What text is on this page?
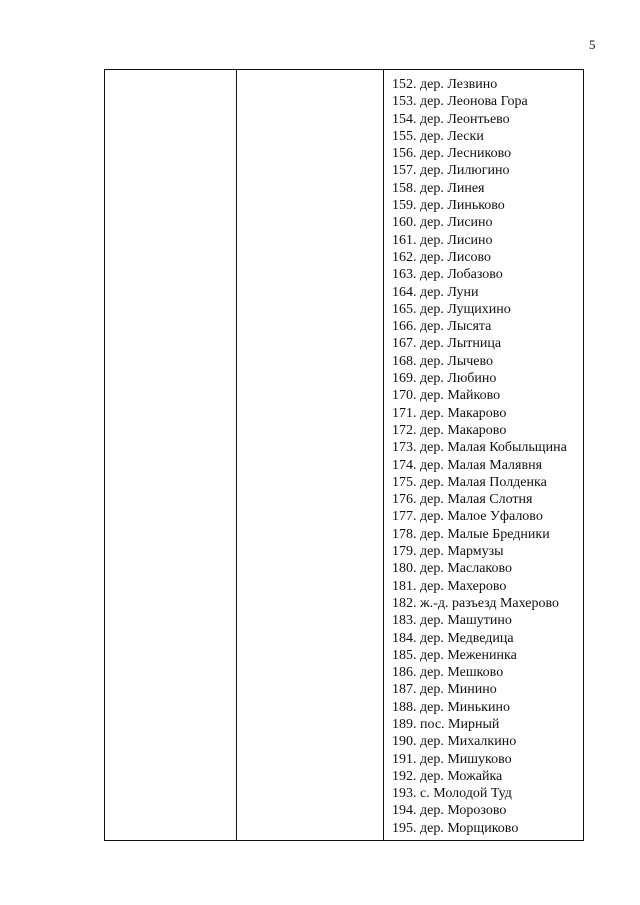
5
152. дер. Лезвино
153. дер. Леонова Гора
154. дер. Леонтьево
155. дер. Лески
156. дер. Лесниково
157. дер. Лилюгино
158. дер. Линея
159. дер. Линьково
160. дер. Лисино
161. дер. Лисино
162. дер. Лисово
163. дер. Лобазово
164. дер. Луни
165. дер. Лущихино
166. дер. Лысята
167. дер. Лытница
168. дер. Лычево
169. дер. Любино
170. дер. Майково
171. дер. Макарово
172. дер. Макарово
173. дер. Малая Кобыльщина
174. дер. Малая Малявня
175. дер. Малая Полденка
176. дер. Малая Слотня
177. дер. Малое Уфалово
178. дер. Малые Бредники
179. дер. Мармузы
180. дер. Маслаково
181. дер. Махерово
182. ж.-д. разъезд Махерово
183. дер. Машутино
184. дер. Медведица
185. дер. Меженинка
186. дер. Мешково
187. дер. Минино
188. дер. Минькино
189. пос. Мирный
190. дер. Михалкино
191. дер. Мишуково
192. дер. Можайка
193. с. Молодой Туд
194. дер. Морозово
195. дер. Морщиково
